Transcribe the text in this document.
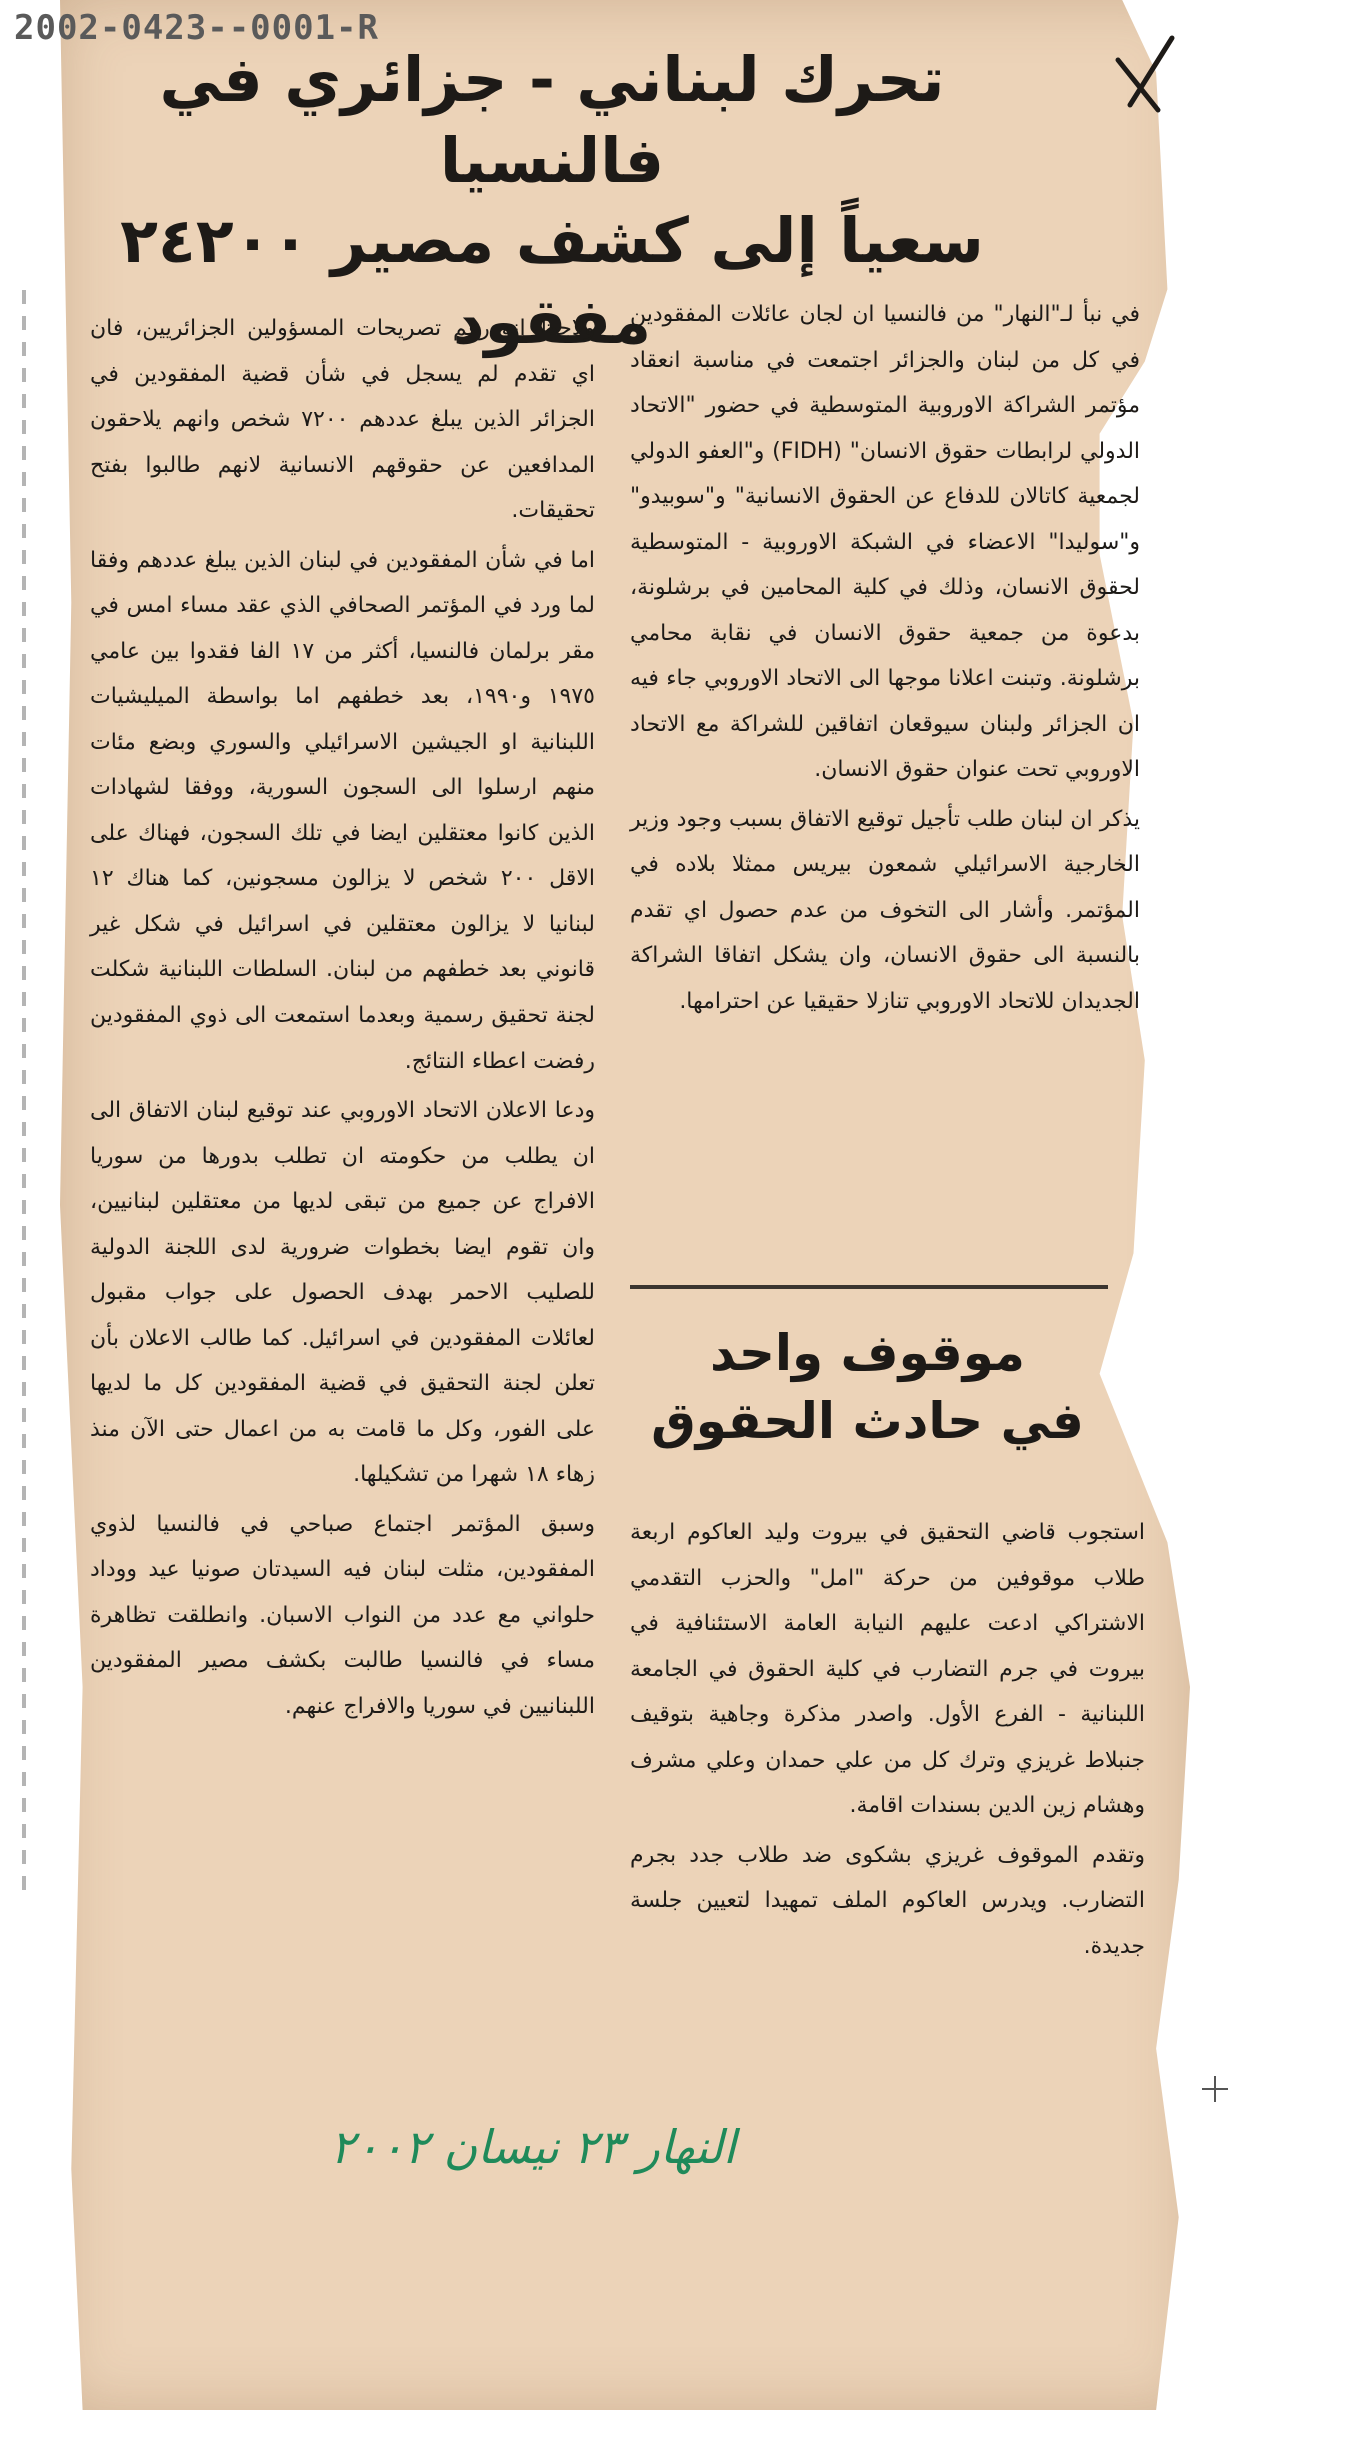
2002-0423--0001-R
تحرك لبناني - جزائري في فالنسيا
سعياً إلى كشف مصير ٢٤٢٠٠ مفقود

في نبأ لـ"النهار" من فالنسيا ان لجان عائلات المفقودين في كل من لبنان والجزائر اجتمعت في مناسبة انعقاد مؤتمر الشراكة الاوروبية المتوسطية في حضور "الاتحاد الدولي لرابطات حقوق الانسان" (FIDH) و"العفو الدولي لجمعية كاتالان للدفاع عن الحقوق الانسانية" و"سوبيدو" و"سوليدا" الاعضاء في الشبكة الاوروبية - المتوسطية لحقوق الانسان، وذلك في كلية المحامين في برشلونة، بدعوة من جمعية حقوق الانسان في نقابة محامي برشلونة. وتبنت اعلانا موجها الى الاتحاد الاوروبي جاء فيه ان الجزائر ولبنان سيوقعان اتفاقين للشراكة مع الاتحاد الاوروبي تحت عنوان حقوق الانسان.

يذكر ان لبنان طلب تأجيل توقيع الاتفاق بسبب وجود وزير الخارجية الاسرائيلي شمعون بيريس ممثلا بلاده في المؤتمر. وأشار الى التخوف من عدم حصول اي تقدم بالنسبة الى حقوق الانسان، وان يشكل اتفاقا الشراكة الجديدان للاتحاد الاوروبي تنازلا حقيقيا عن احترامها.

ولاحظ انه رغم تصريحات المسؤولين الجزائريين، فان اي تقدم لم يسجل في شأن قضية المفقودين في الجزائر الذين يبلغ عددهم ٧٢٠٠ شخص وانهم يلاحقون المدافعين عن حقوقهم الانسانية لانهم طالبوا بفتح تحقيقات.

اما في شأن المفقودين في لبنان الذين يبلغ عددهم وفقا لما ورد في المؤتمر الصحافي الذي عقد مساء امس في مقر برلمان فالنسيا، أكثر من ١٧ الفا فقدوا بين عامي ١٩٧٥ و١٩٩٠، بعد خطفهم اما بواسطة الميليشيات اللبنانية او الجيشين الاسرائيلي والسوري وبضع مئات منهم ارسلوا الى السجون السورية، ووفقا لشهادات الذين كانوا معتقلين ايضا في تلك السجون، فهناك على الاقل ٢٠٠ شخص لا يزالون مسجونين، كما هناك ١٢ لبنانيا لا يزالون معتقلين في اسرائيل في شكل غير قانوني بعد خطفهم من لبنان. السلطات اللبنانية شكلت لجنة تحقيق رسمية وبعدما استمعت الى ذوي المفقودين رفضت اعطاء النتائج.

ودعا الاعلان الاتحاد الاوروبي عند توقيع لبنان الاتفاق الى ان يطلب من حكومته ان تطلب بدورها من سوريا الافراج عن جميع من تبقى لديها من معتقلين لبنانيين، وان تقوم ايضا بخطوات ضرورية لدى اللجنة الدولية للصليب الاحمر بهدف الحصول على جواب مقبول لعائلات المفقودين في اسرائيل. كما طالب الاعلان بأن تعلن لجنة التحقيق في قضية المفقودين كل ما لديها على الفور، وكل ما قامت به من اعمال حتى الآن منذ زهاء ١٨ شهرا من تشكيلها.

وسبق المؤتمر اجتماع صباحي في فالنسيا لذوي المفقودين، مثلت لبنان فيه السيدتان صونيا عيد ووداد حلواني مع عدد من النواب الاسبان. وانطلقت تظاهرة مساء في فالنسيا طالبت بكشف مصير المفقودين اللبنانيين في سوريا والافراج عنهم.

موقوف واحد
في حادث الحقوق

استجوب قاضي التحقيق في بيروت وليد العاكوم اربعة طلاب موقوفين من حركة "امل" والحزب التقدمي الاشتراكي ادعت عليهم النيابة العامة الاستئنافية في بيروت في جرم التضارب في كلية الحقوق في الجامعة اللبنانية - الفرع الأول. واصدر مذكرة وجاهية بتوقيف جنبلاط غريزي وترك كل من علي حمدان وعلي مشرف وهشام زين الدين بسندات اقامة.

وتقدم الموقوف غريزي بشكوى ضد طلاب جدد بجرم التضارب. ويدرس العاكوم الملف تمهيدا لتعيين جلسة جديدة.

النهار ٢٣ نيسان ٢٠٠٢
